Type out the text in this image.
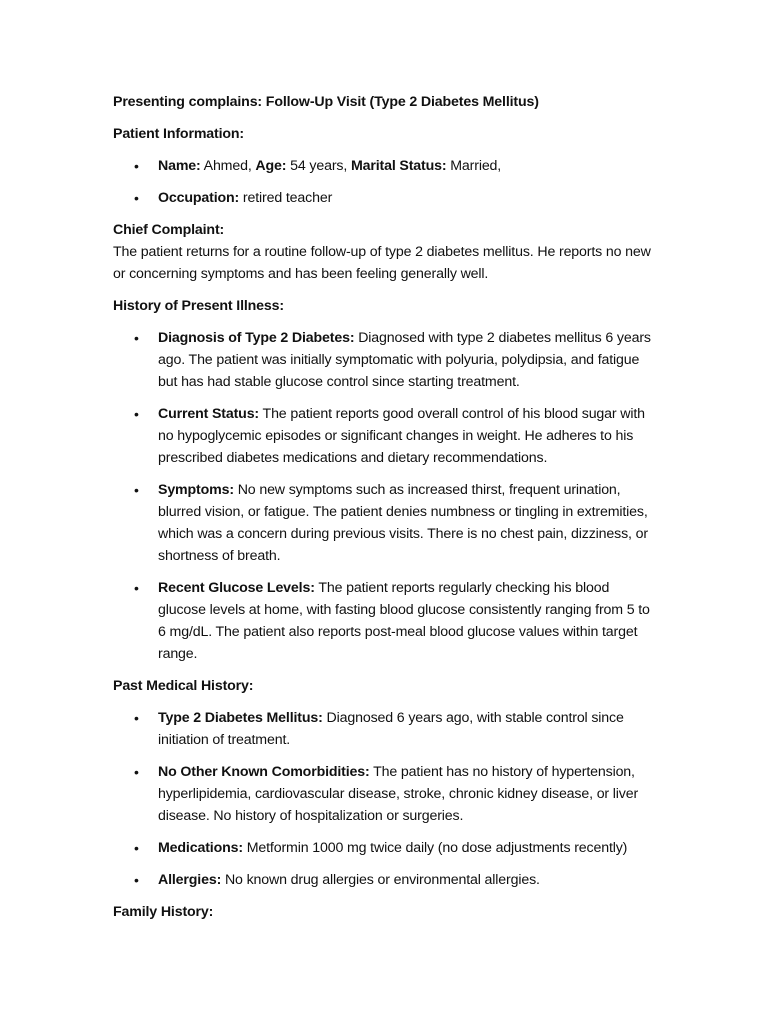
Presenting complains: Follow-Up Visit (Type 2 Diabetes Mellitus)

Patient Information:

• Name: Ahmed, Age: 54 years, Marital Status: Married,
• Occupation: retired teacher

Chief Complaint:

The patient returns for a routine follow-up of type 2 diabetes mellitus. He reports no new or concerning symptoms and has been feeling generally well.

History of Present Illness:

• Diagnosis of Type 2 Diabetes: Diagnosed with type 2 diabetes mellitus 6 years ago. The patient was initially symptomatic with polyuria, polydipsia, and fatigue but has had stable glucose control since starting treatment.
• Current Status: The patient reports good overall control of his blood sugar with no hypoglycemic episodes or significant changes in weight. He adheres to his prescribed diabetes medications and dietary recommendations.
• Symptoms: No new symptoms such as increased thirst, frequent urination, blurred vision, or fatigue. The patient denies numbness or tingling in extremities, which was a concern during previous visits. There is no chest pain, dizziness, or shortness of breath.
• Recent Glucose Levels: The patient reports regularly checking his blood glucose levels at home, with fasting blood glucose consistently ranging from 5 to 6 mg/dL. The patient also reports post-meal blood glucose values within target range.

Past Medical History:

• Type 2 Diabetes Mellitus: Diagnosed 6 years ago, with stable control since initiation of treatment.
• No Other Known Comorbidities: The patient has no history of hypertension, hyperlipidemia, cardiovascular disease, stroke, chronic kidney disease, or liver disease. No history of hospitalization or surgeries.
• Medications: Metformin 1000 mg twice daily (no dose adjustments recently)
• Allergies: No known drug allergies or environmental allergies.

Family History:
